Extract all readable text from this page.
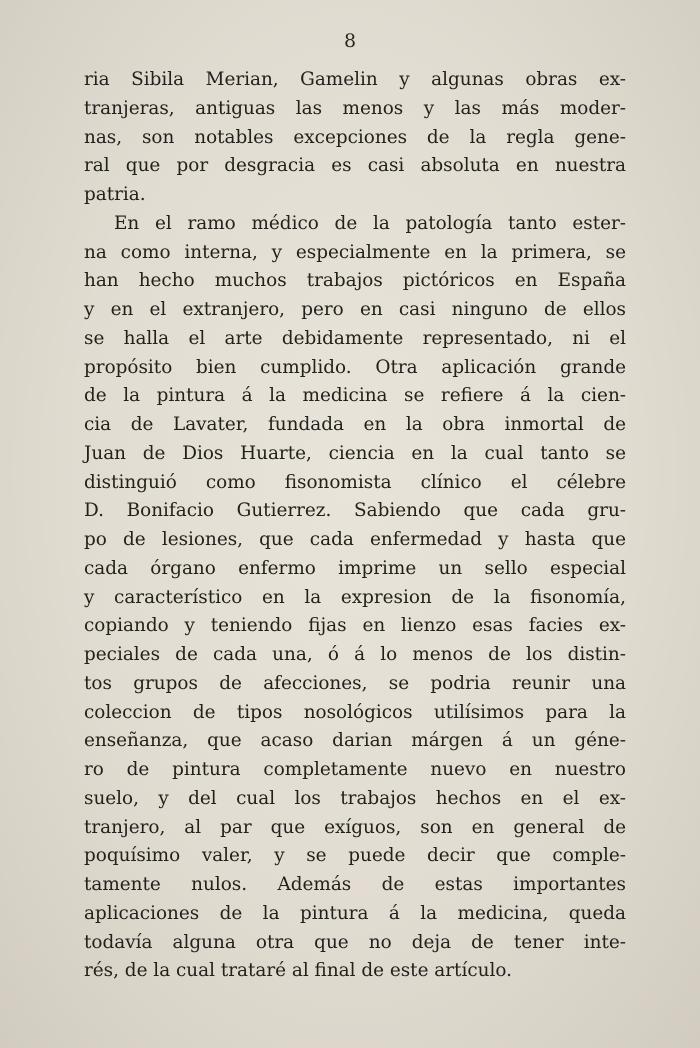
8
ria Sibila Merian, Gamelin y algunas obras ex-
tranjeras, antiguas las menos y las más moder-
nas, son notables excepciones de la regla gene-
ral que por desgracia es casi absoluta en nuestra
patria.
En el ramo médico de la patología tanto ester-
na como interna, y especialmente en la primera, se
han hecho muchos trabajos pictóricos en España
y en el extranjero, pero en casi ninguno de ellos
se halla el arte debidamente representado, ni el
propósito bien cumplido. Otra aplicación grande
de la pintura á la medicina se refiere á la cien-
cia de Lavater, fundada en la obra inmortal de
Juan de Dios Huarte, ciencia en la cual tanto se
distinguió como fisonomista clínico el célebre
D. Bonifacio Gutierrez. Sabiendo que cada gru-
po de lesiones, que cada enfermedad y hasta que
cada órgano enfermo imprime un sello especial
y característico en la expresion de la fisonomía,
copiando y teniendo fijas en lienzo esas facies ex-
peciales de cada una, ó á lo menos de los distin-
tos grupos de afecciones, se podria reunir una
coleccion de tipos nosológicos utilísimos para la
enseñanza, que acaso darian márgen á un géne-
ro de pintura completamente nuevo en nuestro
suelo, y del cual los trabajos hechos en el ex-
tranjero, al par que exíguos, son en general de
poquísimo valer, y se puede decir que comple-
tamente nulos. Además de estas importantes
aplicaciones de la pintura á la medicina, queda
todavía alguna otra que no deja de tener inte-
rés, de la cual trataré al final de este artículo.
